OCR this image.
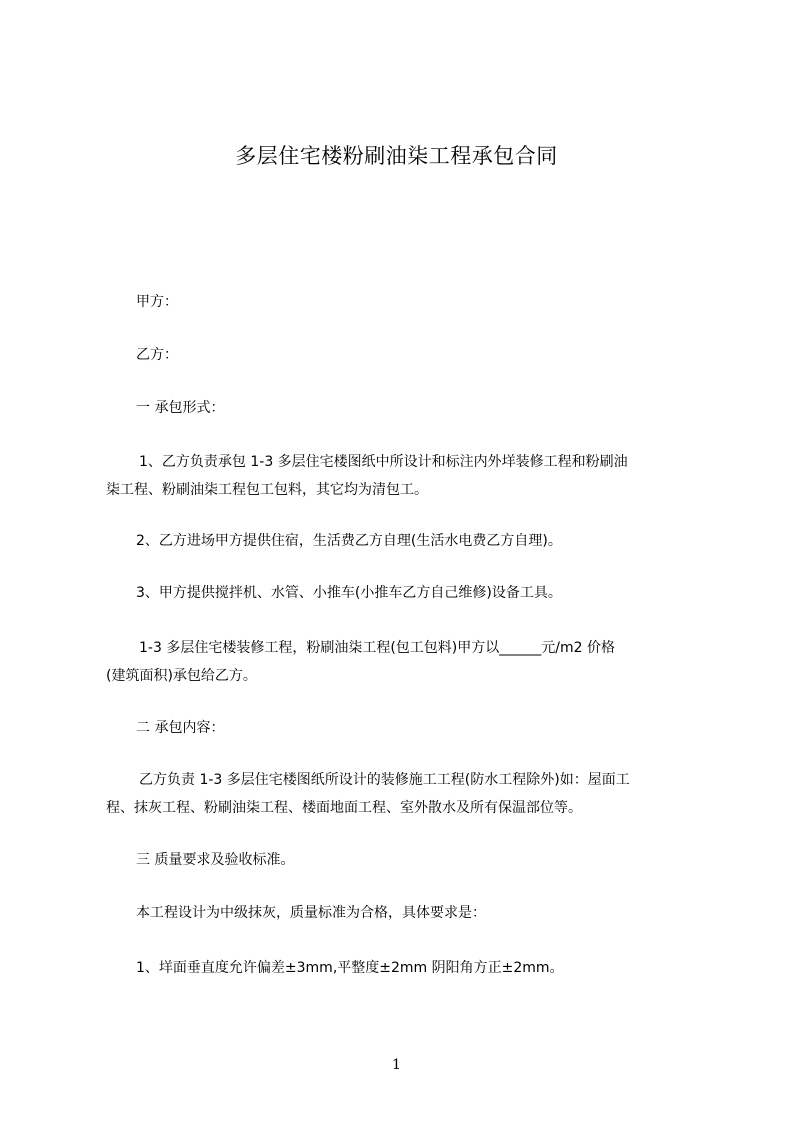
多层住宅楼粉刷油柒工程承包合同

甲方：

乙方：

一 承包形式：

1、乙方负责承包 1-3 多层住宅楼图纸中所设计和标注内外垟装修工程和粉刷油
柒工程、粉刷油柒工程包工包料，其它均为清包工。

2、乙方进场甲方提供住宿，生活费乙方自理(生活水电费乙方自理)。

3、甲方提供搅拌机、水管、小推车(小推车乙方自己维修)设备工具。

1-3 多层住宅楼装修工程，粉刷油柒工程(包工包料)甲方以______元/m2 价格
(建筑面积)承包给乙方。

二 承包内容：

乙方负责 1-3 多层住宅楼图纸所设计的装修施工工程(防水工程除外)如：屋面工
程、抹灰工程、粉刷油柒工程、楼面地面工程、室外散水及所有保温部位等。

三 质量要求及验收标准。

本工程设计为中级抹灰，质量标准为合格，具体要求是：

1、垟面垂直度允许偏差±3mm,平整度±2mm 阴阳角方正±2mm。

1
